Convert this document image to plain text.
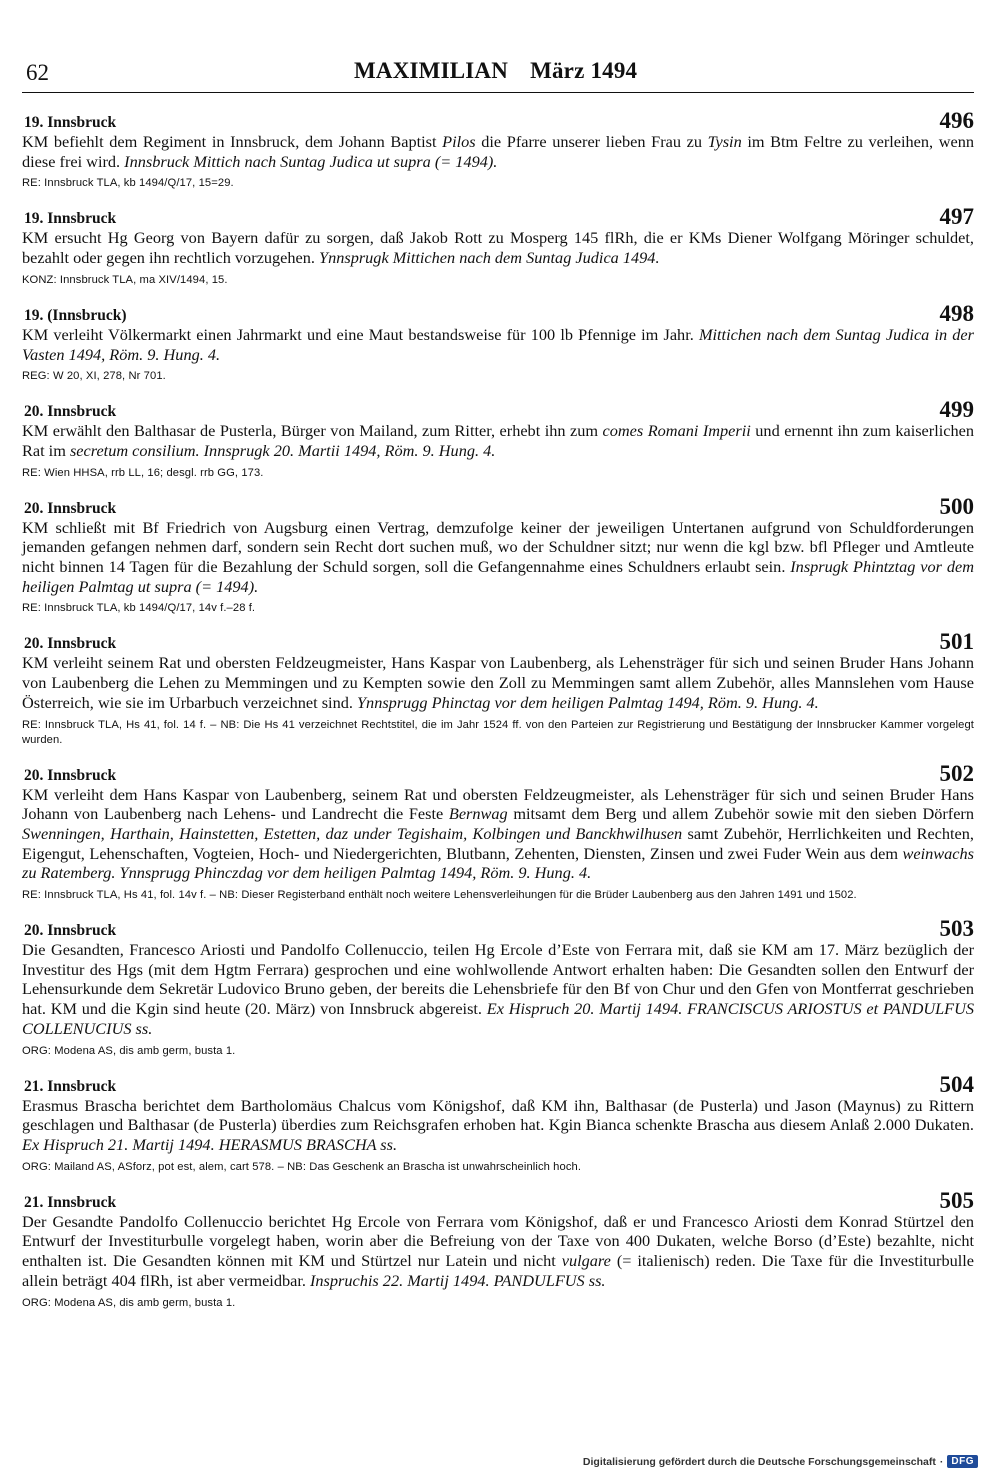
62	MAXIMILIAN März 1494
19. Innsbruck	496
KM befiehlt dem Regiment in Innsbruck, dem Johann Baptist Pilos die Pfarre unserer lieben Frau zu Tysin im Btm Feltre zu verleihen, wenn diese frei wird. Innsbruck Mittich nach Suntag Judica ut supra (= 1494).
RE: Innsbruck TLA, kb 1494/Q/17, 15=29.
19. Innsbruck	497
KM ersucht Hg Georg von Bayern dafür zu sorgen, daß Jakob Rott zu Mosperg 145 flRh, die er KMs Diener Wolfgang Möringer schuldet, bezahlt oder gegen ihn rechtlich vorzugehen. Ynnsprugk Mittichen nach dem Suntag Judica 1494.
KONZ: Innsbruck TLA, ma XIV/1494, 15.
19. (Innsbruck)	498
KM verleiht Völkermarkt einen Jahrmarkt und eine Maut bestandsweise für 100 lb Pfennige im Jahr. Mittichen nach dem Suntag Judica in der Vasten 1494, Röm. 9. Hung. 4.
REG: W 20, XI, 278, Nr 701.
20. Innsbruck	499
KM erwählt den Balthasar de Pusterla, Bürger von Mailand, zum Ritter, erhebt ihn zum comes Romani Imperii und ernennt ihn zum kaiserlichen Rat im secretum consilium. Innsprugk 20. Martii 1494, Röm. 9. Hung. 4.
RE: Wien HHSA, rrb LL, 16; desgl. rrb GG, 173.
20. Innsbruck	500
KM schließt mit Bf Friedrich von Augsburg einen Vertrag, demzufolge keiner der jeweiligen Untertanen aufgrund von Schuldforderungen jemanden gefangen nehmen darf, sondern sein Recht dort suchen muß, wo der Schuldner sitzt; nur wenn die kgl bzw. bfl Pfleger und Amtleute nicht binnen 14 Tagen für die Bezahlung der Schuld sorgen, soll die Gefangennahme eines Schuldners erlaubt sein. Insprugk Phintztag vor dem heiligen Palmtag ut supra (= 1494).
RE: Innsbruck TLA, kb 1494/Q/17, 14v f.–28 f.
20. Innsbruck	501
KM verleiht seinem Rat und obersten Feldzeugmeister, Hans Kaspar von Laubenberg, als Lehensträger für sich und seinen Bruder Hans Johann von Laubenberg die Lehen zu Memmingen und zu Kempten sowie den Zoll zu Memmingen samt allem Zubehör, alles Mannslehen vom Hause Österreich, wie sie im Urbarbuch verzeichnet sind. Ynnsprugg Phinctag vor dem heiligen Palmtag 1494, Röm. 9. Hung. 4.
RE: Innsbruck TLA, Hs 41, fol. 14 f. – NB: Die Hs 41 verzeichnet Rechtstitel, die im Jahr 1524 ff. von den Parteien zur Registrierung und Bestätigung der Innsbrucker Kammer vorgelegt wurden.
20. Innsbruck	502
KM verleiht dem Hans Kaspar von Laubenberg, seinem Rat und obersten Feldzeugmeister, als Lehensträger für sich und seinen Bruder Hans Johann von Laubenberg nach Lehens- und Landrecht die Feste Bernwag mitsamt dem Berg und allem Zubehör sowie mit den sieben Dörfern Swenningen, Harthain, Hainstetten, Estetten, daz under Tegishaim, Kolbingen und Banckhwilhusen samt Zubehör, Herrlichkeiten und Rechten, Eigengut, Lehenschaften, Vogteien, Hoch- und Niedergerichten, Blutbann, Zehenten, Diensten, Zinsen und zwei Fuder Wein aus dem weinwachs zu Ratemberg. Ynnsprugg Phinczdag vor dem heiligen Palmtag 1494, Röm. 9. Hung. 4.
RE: Innsbruck TLA, Hs 41, fol. 14v f. – NB: Dieser Registerband enthält noch weitere Lehensverleihungen für die Brüder Laubenberg aus den Jahren 1491 und 1502.
20. Innsbruck	503
Die Gesandten, Francesco Ariosti und Pandolfo Collenuccio, teilen Hg Ercole d’Este von Ferrara mit, daß sie KM am 17. März bezüglich der Investitur des Hgs (mit dem Hgtm Ferrara) gesprochen und eine wohlwollende Antwort erhalten haben: Die Gesandten sollen den Entwurf der Lehensurkunde dem Sekretär Ludovico Bruno geben, der bereits die Lehensbriefe für den Bf von Chur und den Gfen von Montferrat geschrieben hat. KM und die Kgin sind heute (20. März) von Innsbruck abgereist. Ex Hispruch 20. Martij 1494. FRANCISCUS ARIOSTUS et PANDULFUS COLLENUCIUS ss.
ORG: Modena AS, dis amb germ, busta 1.
21. Innsbruck	504
Erasmus Brascha berichtet dem Bartholomäus Chalcus vom Königshof, daß KM ihn, Balthasar (de Pusterla) und Jason (Maynus) zu Rittern geschlagen und Balthasar (de Pusterla) überdies zum Reichsgrafen erhoben hat. Kgin Bianca schenkte Brascha aus diesem Anlaß 2.000 Dukaten. Ex Hispruch 21. Martij 1494. HERASMUS BRASCHA ss.
ORG: Mailand AS, ASforz, pot est, alem, cart 578. – NB: Das Geschenk an Brascha ist unwahrscheinlich hoch.
21. Innsbruck	505
Der Gesandte Pandolfo Collenuccio berichtet Hg Ercole von Ferrara vom Königshof, daß er und Francesco Ariosti dem Konrad Stürtzel den Entwurf der Investiturbulle vorgelegt haben, worin aber die Befreiung von der Taxe von 400 Dukaten, welche Borso (d’Este) bezahlte, nicht enthalten ist. Die Gesandten können mit KM und Stürtzel nur Latein und nicht vulgare (= italienisch) reden. Die Taxe für die Investiturbulle allein beträgt 404 flRh, ist aber vermeidbar. Inspruchis 22. Martij 1494. PANDULFUS ss.
ORG: Modena AS, dis amb germ, busta 1.
Digitalisierung gefördert durch die Deutsche Forschungsgemeinschaft · DFG
